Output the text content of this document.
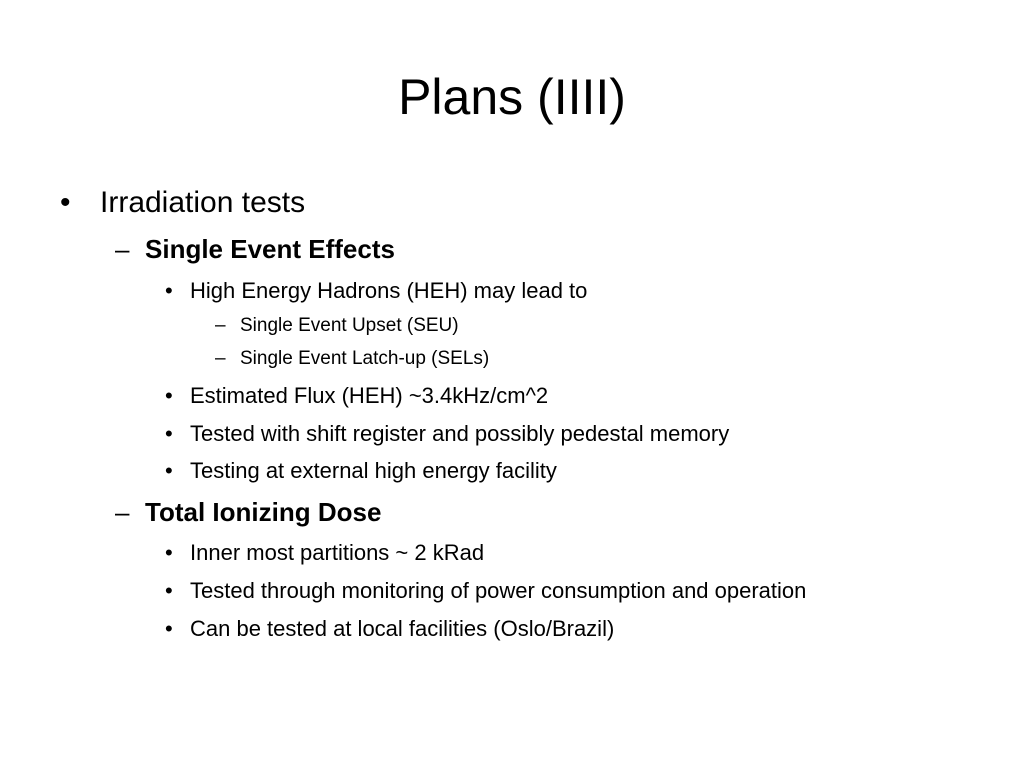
Plans (IIII)
• Irradiation tests
– Single Event Effects
• High Energy Hadrons (HEH) may lead to
– Single Event Upset (SEU)
– Single Event Latch-up (SELs)
• Estimated Flux (HEH) ~3.4kHz/cm^2
• Tested with shift register and possibly pedestal memory
• Testing at external high energy facility
– Total Ionizing Dose
• Inner most partitions ~ 2 kRad
• Tested through monitoring of power consumption and operation
• Can be tested at local facilities (Oslo/Brazil)
